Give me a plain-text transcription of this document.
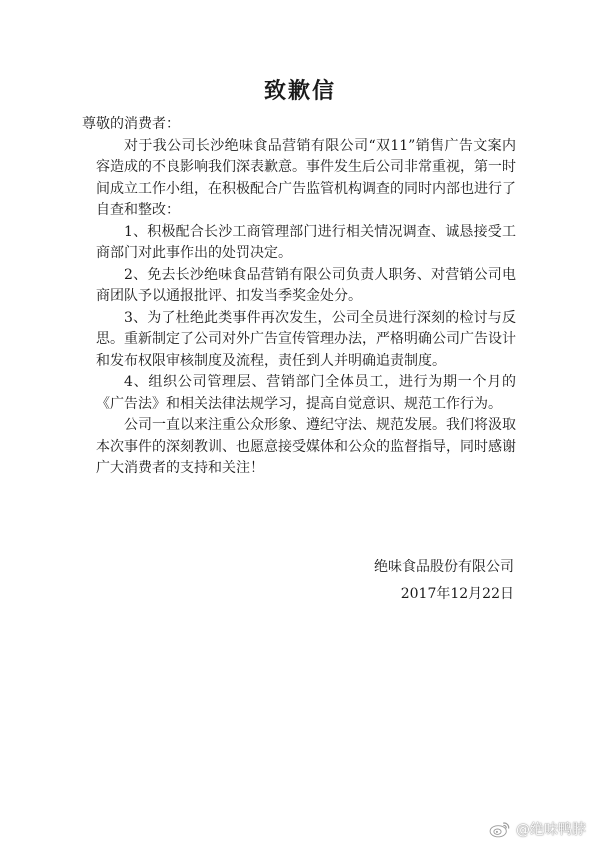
致歉信

尊敬的消费者：

对于我公司长沙绝味食品营销有限公司“双11”销售广告文案内容造成的不良影响我们深表歉意。事件发生后公司非常重视，第一时间成立工作小组，在积极配合广告监管机构调查的同时内部也进行了自查和整改：

1、积极配合长沙工商管理部门进行相关情况调查、诚恳接受工商部门对此事作出的处罚决定。

2、免去长沙绝味食品营销有限公司负责人职务、对营销公司电商团队予以通报批评、扣发当季奖金处分。

3、为了杜绝此类事件再次发生，公司全员进行深刻的检讨与反思。重新制定了公司对外广告宣传管理办法，严格明确公司广告设计和发布权限审核制度及流程，责任到人并明确追责制度。

4、组织公司管理层、营销部门全体员工，进行为期一个月的《广告法》和相关法律法规学习，提高自觉意识、规范工作行为。

公司一直以来注重公众形象、遵纪守法、规范发展。我们将汲取本次事件的深刻教训、也愿意接受媒体和公众的监督指导，同时感谢广大消费者的支持和关注！

绝味食品股份有限公司
2017年12月22日
@绝味鸭脖
